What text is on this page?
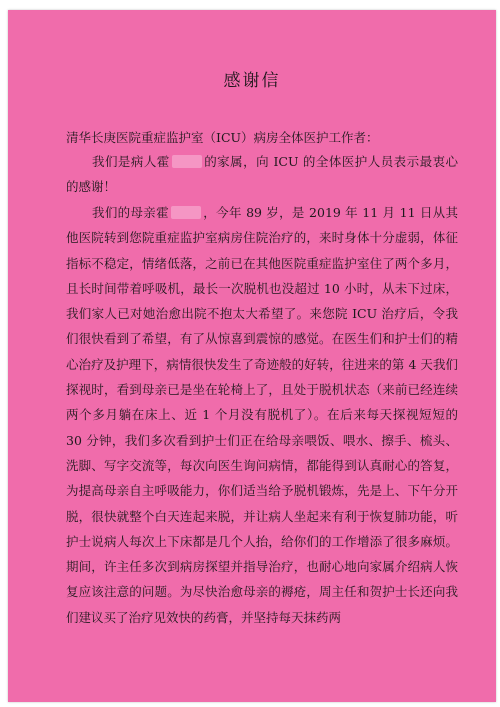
感谢信
清华长庚医院重症监护室（ICU）病房全体医护工作者：

我们是病人霍	的家属，向 ICU 的全体医护人员表示最衷心的感谢！

我们的母亲霍	，今年 89 岁，是 2019 年 11 月 11 日从其他医院转到您院重症监护室病房住院治疗的，来时身体十分虚弱，体征指标不稳定，情绪低落，之前已在其他医院重症监护室住了两个多月，且长时间带着呼吸机，最长一次脱机也没超过 10 小时，从未下过床，我们家人已对她治愈出院不抱太大希望了。来您院 ICU 治疗后，令我们很快看到了希望，有了从惊喜到震惊的感觉。在医生们和护士们的精心治疗及护理下，病情很快发生了奇迹般的好转，往进来的第 4 天我们探视时，看到母亲已是坐在轮椅上了，且处于脱机状态（来前已经连续两个多月躺在床上、近 1 个月没有脱机了）。在后来每天探视短短的 30 分钟，我们多次看到护士们正在给母亲喂饭、喂水、擦手、梳头、洗脚、写字交流等，每次向医生询问病情，都能得到认真耐心的答复，为提高母亲自主呼吸能力，你们适当给予脱机锻炼，先是上、下午分开脱，很快就整个白天连起来脱，并让病人坐起来有利于恢复肺功能，听护士说病人每次上下床都是几个人抬，给你们的工作增添了很多麻烦。期间，许主任多次到病房探望并指导治疗，也耐心地向家属介绍病人恢复应该注意的问题。为尽快治愈母亲的褥疮，周主任和贺护士长还向我们建议买了治疗见效快的药膏，并坚持每天抹药两
